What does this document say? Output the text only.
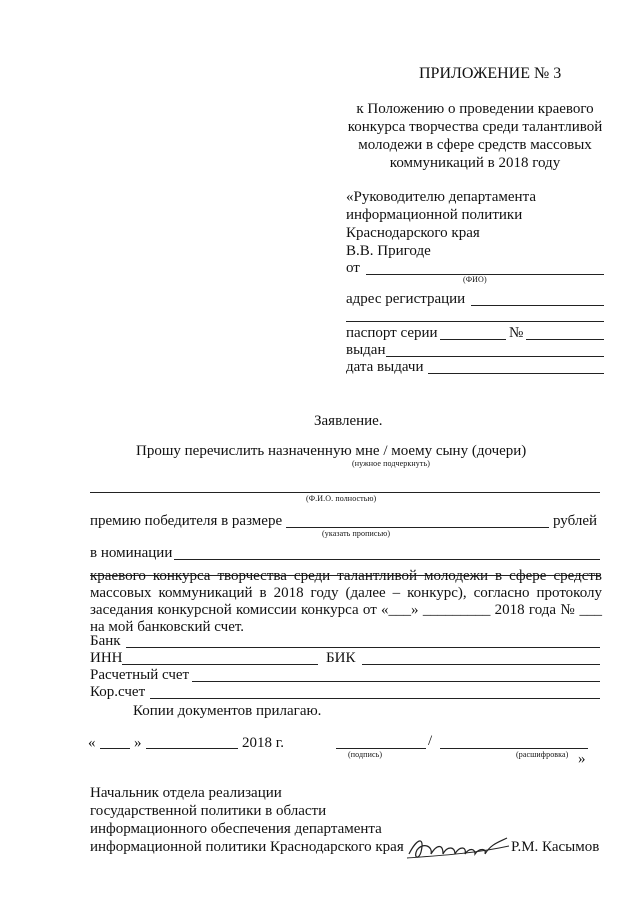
ПРИЛОЖЕНИЕ № 3
к Положению о проведении краевого
конкурса творчества среди талантливой
молодежи в сфере средств массовых
коммуникаций в 2018 году
«Руководителю департамента
информационной политики
Краснодарского края
В.В. Пригоде
от
(ФИО)
адрес регистрации
паспорт серии	№
выдан
дата выдачи
Заявление.
Прошу перечислить назначенную мне / моему сыну (дочери)
(нужное подчеркнуть)
(Ф.И.О. полностью)
премию победителя в размере	рублей
(указать прописью)
в номинации
краевого конкурса творчества среди талантливой молодежи в сфере средств
массовых коммуникаций в 2018 году (далее – конкурс), согласно протоколу
заседания конкурсной комиссии конкурса от «___» _________ 2018 года № ___
на мой банковский счет.
Банк
ИНН	БИК
Расчетный счет
Кор.счет
Копии документов прилагаю.
«	»	2018 г.	/
(подпись)	(расшифровка) »
Начальник отдела реализации
государственной политики в области
информационного обеспечения департамента
информационной политики Краснодарского края	Р.М. Касымов
